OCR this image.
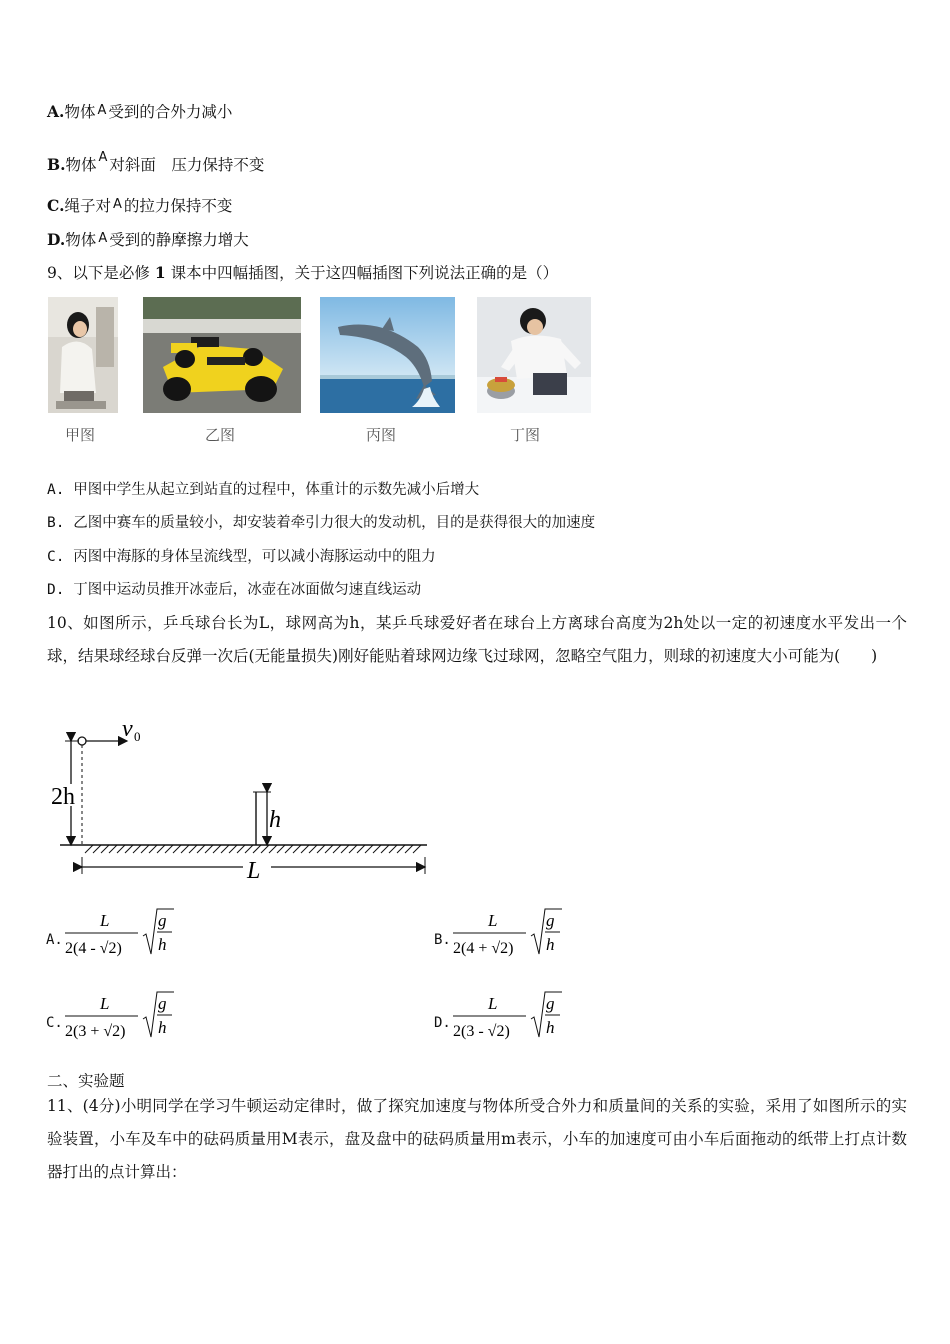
A.物体 A 受到的合外力减小
B.物体 $^A$ 对斜面　压力保持不变
C.绳子对 A 的拉力保持不变
D.物体 A 受到的静摩擦力增大
9、以下是必修 1 课本中四幅插图，关于这四幅插图下列说法正确的是（）
甲图	乙图	丙图	丁图
A. 甲图中学生从起立到站直的过程中，体重计的示数先减小后增大
B. 乙图中赛车的质量较小，却安装着牵引力很大的发动机，目的是获得很大的加速度
C. 丙图中海豚的身体呈流线型，可以减小海豚运动中的阻力
D. 丁图中运动员推开冰壶后，冰壶在冰面做匀速直线运动
10、如图所示，乒乓球台长为L，球网高为h，某乒乓球爱好者在球台上方离球台高度为2h处以一定的初速度水平发出一个球，结果球经球台反弹一次后(无能量损失)刚好能贴着球网边缘飞过球网，忽略空气阻力，则球的初速度大小可能为(　　)
v 0
2h
h
L
A.
L
2(4 - √2)
g
h	B.
L
2(4 + √2)
g
h
C.
L
2(3 + √2)
g
h	D.
L
2(3 - √2)
g
h
二、实验题
11、(4分)小明同学在学习牛顿运动定律时，做了探究加速度与物体所受合外力和质量间的关系的实验，采用了如图所示的实验装置，小车及车中的砝码质量用M表示，盘及盘中的砝码质量用m表示，小车的加速度可由小车后面拖动的纸带上打点计数器打出的点计算出：
